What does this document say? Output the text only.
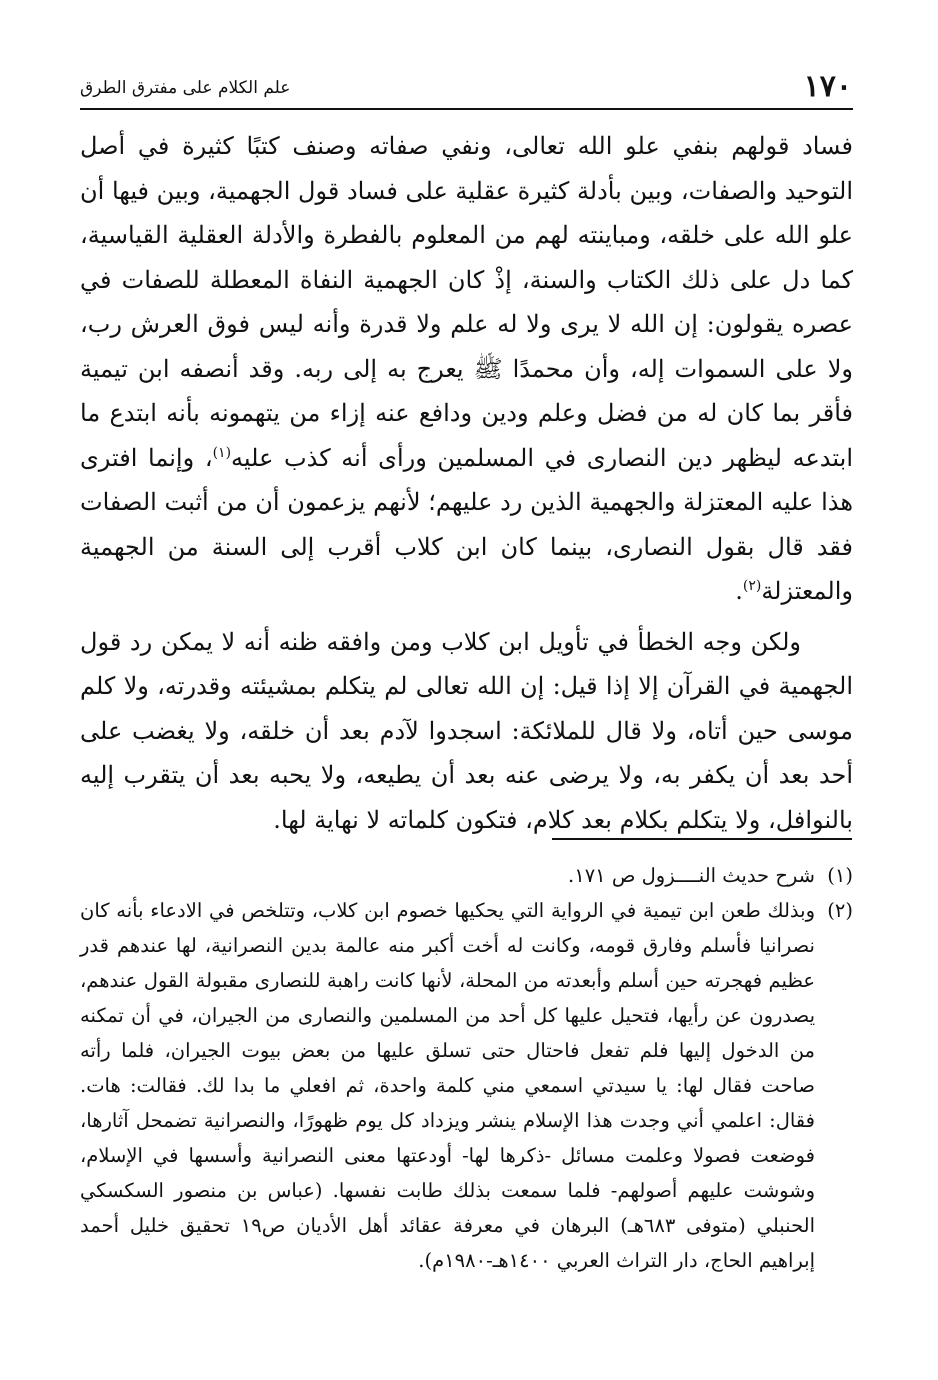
١٧٠
علم الكلام على مفترق الطرق

فساد قولهم بنفي علو الله تعالى، ونفي صفاته وصنف كتبًا كثيرة في أصل التوحيد والصفات، وبين بأدلة كثيرة عقلية على فساد قول الجهمية، وبين فيها أن علو الله على خلقه، ومباينته لهم من المعلوم بالفطرة والأدلة العقلية القياسية، كما دل على ذلك الكتاب والسنة، إذْ كان الجهمية النفاة المعطلة للصفات في عصره يقولون: إن الله لا يرى ولا له علم ولا قدرة وأنه ليس فوق العرش رب، ولا على السموات إله، وأن محمدًا ﷺ يعرج به إلى ربه. وقد أنصفه ابن تيمية فأقر بما كان له من فضل وعلم ودين ودافع عنه إزاء من يتهمونه بأنه ابتدع ما ابتدعه ليظهر دين النصارى في المسلمين ورأى أنه كذب عليه$^{(١)}$، وإنما افترى هذا عليه المعتزلة والجهمية الذين رد عليهم؛ لأنهم يزعمون أن من أثبت الصفات فقد قال بقول النصارى، بينما كان ابن كلاب أقرب إلى السنة من الجهمية والمعتزلة$^{(٢)}$.

ولكن وجه الخطأ في تأويل ابن كلاب ومن وافقه ظنه أنه لا يمكن رد قول الجهمية في القرآن إلا إذا قيل: إن الله تعالى لم يتكلم بمشيئته وقدرته، ولا كلم موسى حين أتاه، ولا قال للملائكة: اسجدوا لآدم بعد أن خلقه، ولا يغضب على أحد بعد أن يكفر به، ولا يرضى عنه بعد أن يطيعه، ولا يحبه بعد أن يتقرب إليه بالنوافل، ولا يتكلم بكلام بعد كلام، فتكون كلماته لا نهاية لها.

(١)
شرح حديث النــــزول ص ١٧١.
(٢)
وبذلك طعن ابن تيمية في الرواية التي يحكيها خصوم ابن كلاب، وتتلخص في الادعاء بأنه كان نصرانيا فأسلم وفارق قومه، وكانت له أخت أكبر منه عالمة بدين النصرانية، لها عندهم قدر عظيم فهجرته حين أسلم وأبعدته من المحلة، لأنها كانت راهبة للنصارى مقبولة القول عندهم، يصدرون عن رأيها، فتحيل عليها كل أحد من المسلمين والنصارى من الجيران، في أن تمكنه من الدخول إليها فلم تفعل فاحتال حتى تسلق عليها من بعض بيوت الجيران، فلما رأته صاحت فقال لها: يا سيدتي اسمعي مني كلمة واحدة، ثم افعلي ما بدا لك. فقالت: هات. فقال: اعلمي أني وجدت هذا الإسلام ينشر ويزداد كل يوم ظهورًا، والنصرانية تضمحل آثارها، فوضعت فصولا وعلمت مسائل -ذكرها لها- أودعتها معنى النصرانية وأسسها في الإسلام، وشوشت عليهم أصولهم- فلما سمعت بذلك طابت نفسها. (عباس بن منصور السكسكي الحنبلي (متوفى ٦٨٣هـ) البرهان في معرفة عقائد أهل الأديان ص١٩ تحقيق خليل أحمد إبراهيم الحاج، دار التراث العربي ١٤٠٠هـ-١٩٨٠م).
